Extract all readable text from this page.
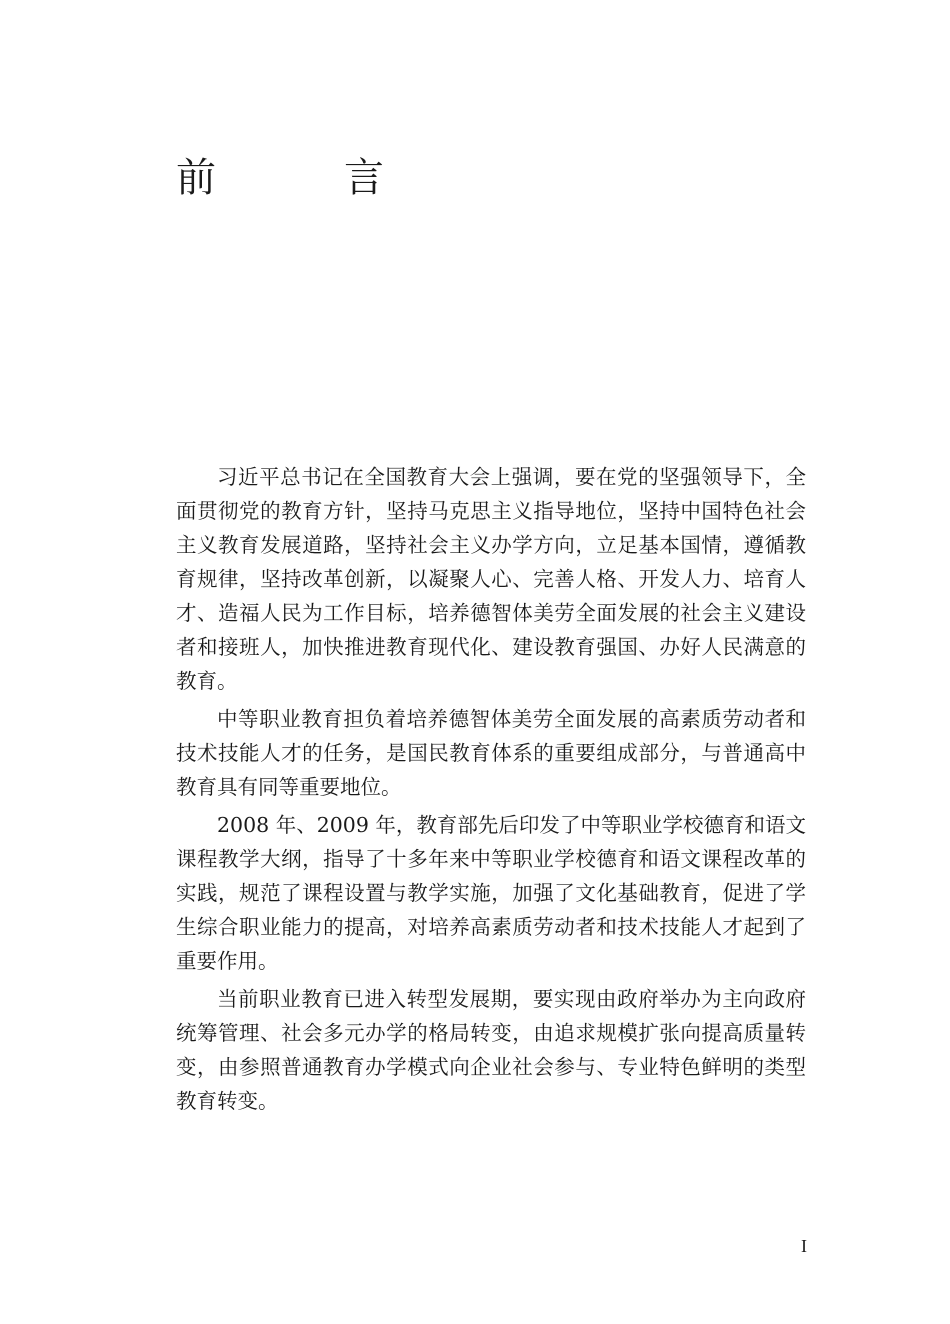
前　言

习近平总书记在全国教育大会上强调，要在党的坚强领导下，全面贯彻党的教育方针，坚持马克思主义指导地位，坚持中国特色社会主义教育发展道路，坚持社会主义办学方向，立足基本国情，遵循教育规律，坚持改革创新，以凝聚人心、完善人格、开发人力、培育人才、造福人民为工作目标，培养德智体美劳全面发展的社会主义建设者和接班人，加快推进教育现代化、建设教育强国、办好人民满意的教育。

中等职业教育担负着培养德智体美劳全面发展的高素质劳动者和技术技能人才的任务，是国民教育体系的重要组成部分，与普通高中教育具有同等重要地位。

2008 年、2009 年，教育部先后印发了中等职业学校德育和语文课程教学大纲，指导了十多年来中等职业学校德育和语文课程改革的实践，规范了课程设置与教学实施，加强了文化基础教育，促进了学生综合职业能力的提高，对培养高素质劳动者和技术技能人才起到了重要作用。

当前职业教育已进入转型发展期，要实现由政府举办为主向政府统筹管理、社会多元办学的格局转变，由追求规模扩张向提高质量转变，由参照普通教育办学模式向企业社会参与、专业特色鲜明的类型教育转变。

I
